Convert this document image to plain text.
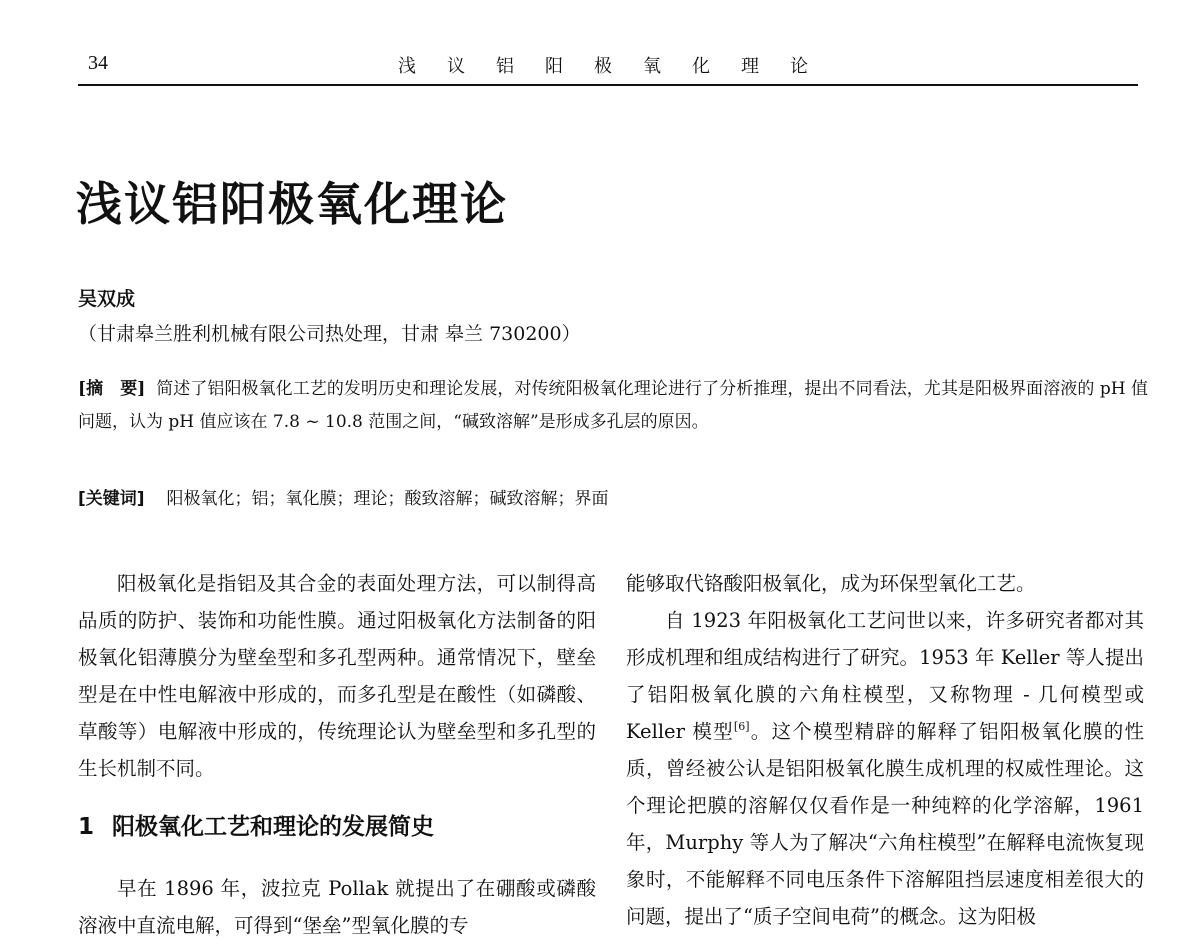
34	浅议铝阳极氧化理论
浅议铝阳极氧化理论
吴双成
（甘肃皋兰胜利机械有限公司热处理，甘肃 皋兰 730200）
[摘　要] 简述了铝阳极氧化工艺的发明历史和理论发展，对传统阳极氧化理论进行了分析推理，提出不同看法，尤其是阳极界面溶液的 pH 值问题，认为 pH 值应该在 7.8 ~ 10.8 范围之间，“碱致溶解”是形成多孔层的原因。
[关键词] 阳极氧化；铝；氧化膜；理论；酸致溶解；碱致溶解；界面

阳极氧化是指铝及其合金的表面处理方法，可以制得高品质的防护、装饰和功能性膜。通过阳极氧化方法制备的阳极氧化铝薄膜分为壁垒型和多孔型两种。通常情况下，壁垒型是在中性电解液中形成的，而多孔型是在酸性（如磷酸、草酸等）电解液中形成的，传统理论认为壁垒型和多孔型的生长机制不同。

1 阳极氧化工艺和理论的发展简史

早在 1896 年，波拉克 Pollak 就提出了在硼酸或磷酸溶液中直流电解，可得到“堡垒”型氧化膜的专

能够取代铬酸阳极氧化，成为环保型氧化工艺。

自 1923 年阳极氧化工艺问世以来，许多研究者都对其形成机理和组成结构进行了研究。1953 年 Keller 等人提出了铝阳极氧化膜的六角柱模型，又称物理 - 几何模型或 Keller 模型[6]。这个模型精辟的解释了铝阳极氧化膜的性质，曾经被公认是铝阳极氧化膜生成机理的权威性理论。这个理论把膜的溶解仅仅看作是一种纯粹的化学溶解，1961 年，Murphy 等人为了解决“六角柱模型”在解释电流恢复现象时，不能解释不同电压条件下溶解阻挡层速度相差很大的问题，提出了“质子空间电荷”的概念。这为阳极
